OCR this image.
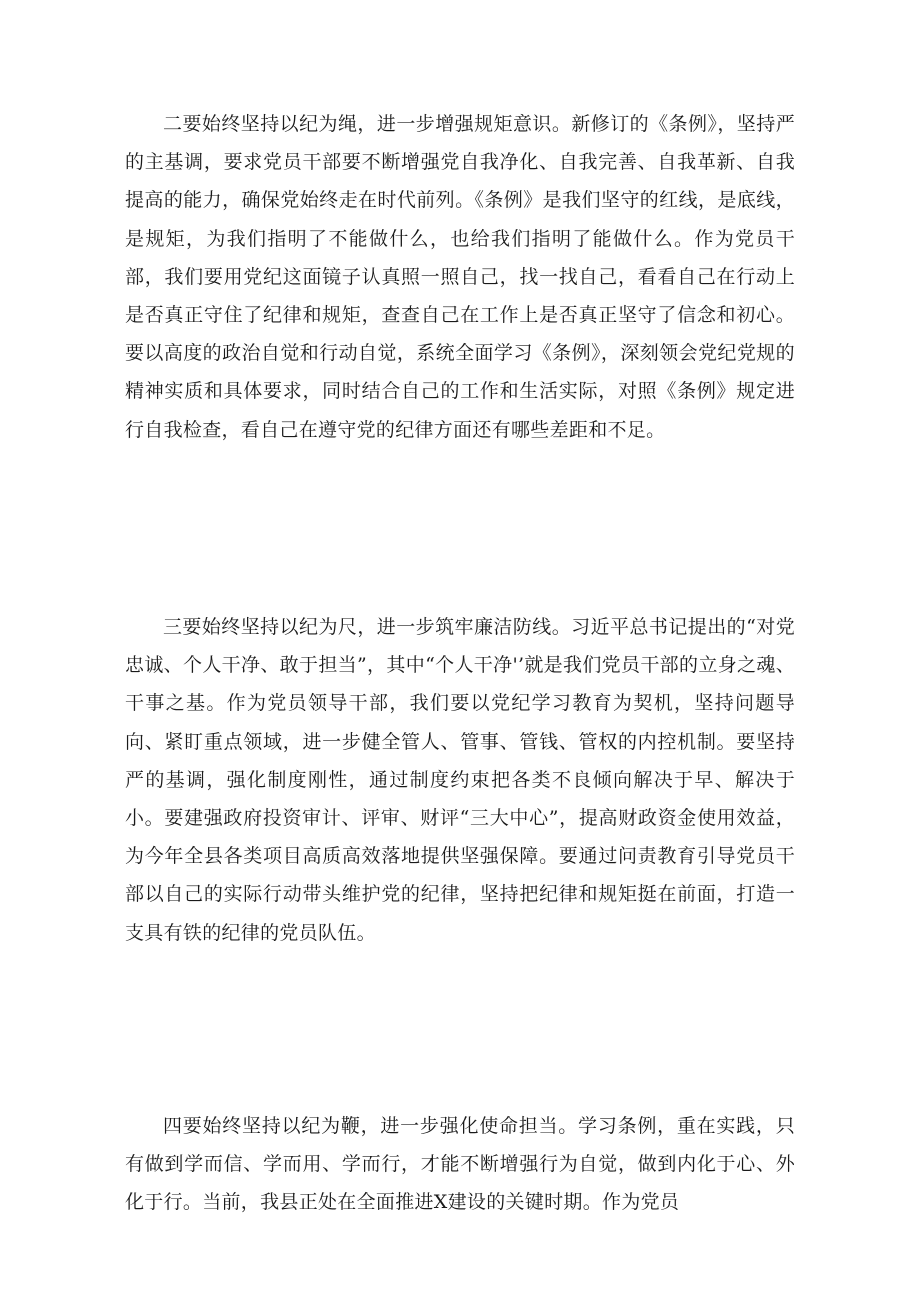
二要始终坚持以纪为绳，进一步增强规矩意识。新修订的《条例》，坚持严的主基调，要求党员干部要不断增强党自我净化、自我完善、自我革新、自我提高的能力，确保党始终走在时代前列。《条例》是我们坚守的红线，是底线，是规矩，为我们指明了不能做什么，也给我们指明了能做什么。作为党员干部，我们要用党纪这面镜子认真照一照自己，找一找自己，看看自己在行动上是否真正守住了纪律和规矩，查查自己在工作上是否真正坚守了信念和初心。要以高度的政治自觉和行动自觉，系统全面学习《条例》，深刻领会党纪党规的精神实质和具体要求，同时结合自己的工作和生活实际，对照《条例》规定进行自我检查，看自己在遵守党的纪律方面还有哪些差距和不足。

三要始终坚持以纪为尺，进一步筑牢廉洁防线。习近平总书记提出的“对党忠诚、个人干净、敢于担当”，其中“个人干净'’就是我们党员干部的立身之魂、干事之基。作为党员领导干部，我们要以党纪学习教育为契机，坚持问题导向、紧盯重点领域，进一步健全管人、管事、管钱、管权的内控机制。要坚持严的基调，强化制度刚性，通过制度约束把各类不良倾向解决于早、解决于小。要建强政府投资审计、评审、财评“三大中心”，提高财政资金使用效益，为今年全县各类项目高质高效落地提供坚强保障。要通过问责教育引导党员干部以自己的实际行动带头维护党的纪律，坚持把纪律和规矩挺在前面，打造一支具有铁的纪律的党员队伍。

四要始终坚持以纪为鞭，进一步强化使命担当。学习条例，重在实践，只有做到学而信、学而用、学而行，才能不断增强行为自觉，做到内化于心、外化于行。当前，我县正处在全面推进X建设的关键时期。作为党员
